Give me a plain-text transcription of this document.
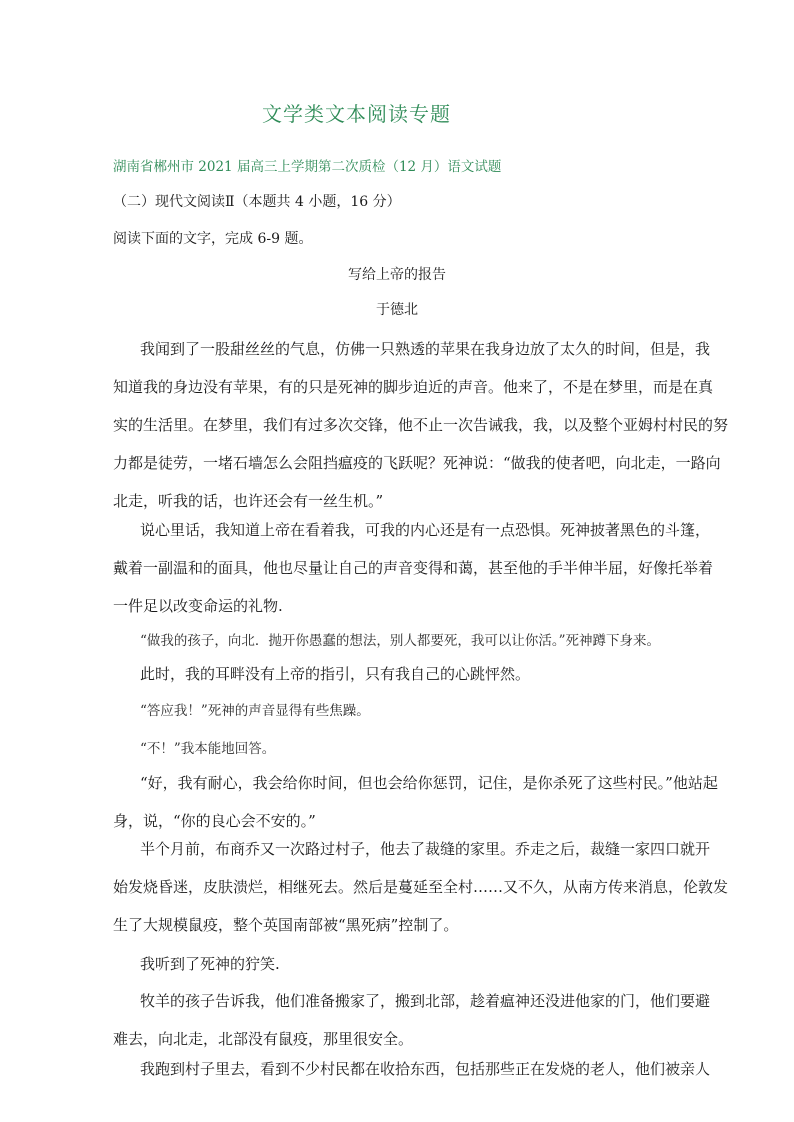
文学类文本阅读专题
湖南省郴州市 2021 届高三上学期第二次质检（12 月）语文试题
（二）现代文阅读Ⅱ（本题共 4 小题，16 分）
阅读下面的文字，完成 6-9 题。
写给上帝的报告
于德北
我闻到了一股甜丝丝的气息，仿佛一只熟透的苹果在我身边放了太久的时间，但是，我
知道我的身边没有苹果，有的只是死神的脚步迫近的声音。他来了，不是在梦里，而是在真
实的生活里。在梦里，我们有过多次交锋，他不止一次告诫我，我，以及整个亚姆村村民的努
力都是徒劳，一堵石墙怎么会阻挡瘟疫的飞跃呢？死神说：“做我的使者吧，向北走，一路向
北走，听我的话，也许还会有一丝生机。”
说心里话，我知道上帝在看着我，可我的内心还是有一点恐惧。死神披著黑色的斗篷，
戴着一副温和的面具，他也尽量让自己的声音变得和蔼，甚至他的手半伸半屈，好像托举着
一件足以改变命运的礼物.
“做我的孩子，向北．抛开你愚蠢的想法，别人都要死，我可以让你活。”死神蹲下身来。
此时，我的耳畔没有上帝的指引，只有我自己的心跳怦然。
“答应我！”死神的声音显得有些焦躁。
“不！”我本能地回答。
“好，我有耐心，我会给你时间，但也会给你惩罚，记住，是你杀死了这些村民。”他站起
身，说，“你的良心会不安的。”
半个月前，布商乔又一次路过村子，他去了裁缝的家里。乔走之后，裁缝一家四口就开
始发烧昏迷，皮肤溃烂，相继死去。然后是蔓延至全村……又不久，从南方传来消息，伦敦发
生了大规模鼠疫，整个英国南部被“黑死病”控制了。
我听到了死神的狞笑.
牧羊的孩子告诉我，他们准备搬家了，搬到北部，趁着瘟神还没进他家的门，他们要避
难去，向北走，北部没有鼠疫，那里很安全。
我跑到村子里去，看到不少村民都在收拾东西，包括那些正在发烧的老人，他们被亲人
